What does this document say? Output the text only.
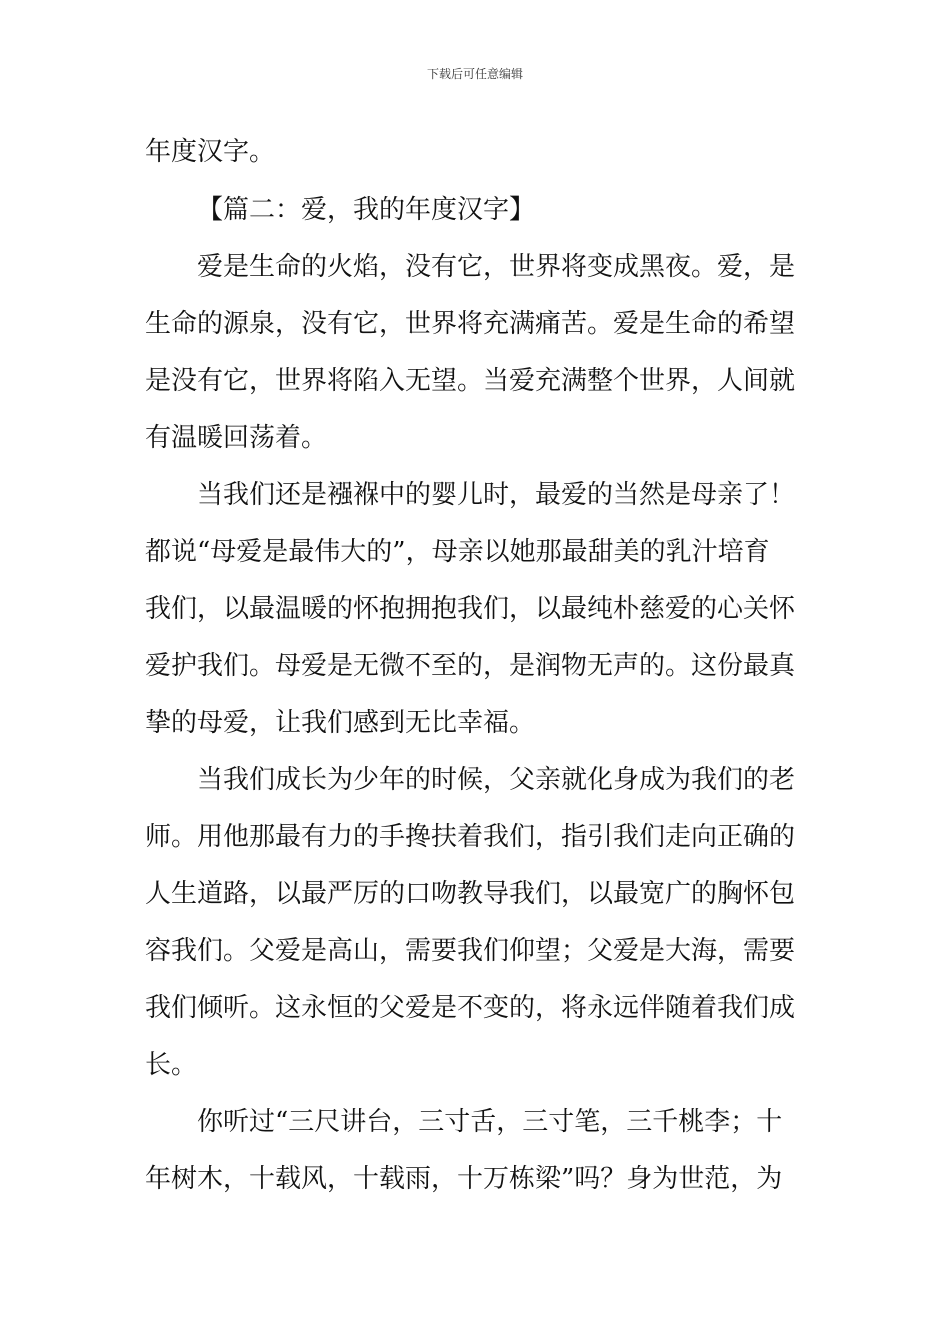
下载后可任意编辑
年度汉字。
【篇二：爱，我的年度汉字】
爱是生命的火焰，没有它，世界将变成黑夜。爱，是
生命的源泉，没有它，世界将充满痛苦。爱是生命的希望
是没有它，世界将陷入无望。当爱充满整个世界，人间就
有温暖回荡着。
当我们还是襁褓中的婴儿时，最爱的当然是母亲了！
都说“母爱是最伟大的”，母亲以她那最甜美的乳汁培育
我们，以最温暖的怀抱拥抱我们，以最纯朴慈爱的心关怀
爱护我们。母爱是无微不至的，是润物无声的。这份最真
挚的母爱，让我们感到无比幸福。
当我们成长为少年的时候，父亲就化身成为我们的老
师。用他那最有力的手搀扶着我们，指引我们走向正确的
人生道路，以最严厉的口吻教导我们，以最宽广的胸怀包
容我们。父爱是高山，需要我们仰望；父爱是大海，需要
我们倾听。这永恒的父爱是不变的，将永远伴随着我们成
长。
你听过“三尺讲台，三寸舌，三寸笔，三千桃李；十
年树木，十载风，十载雨，十万栋梁”吗？身为世范，为
